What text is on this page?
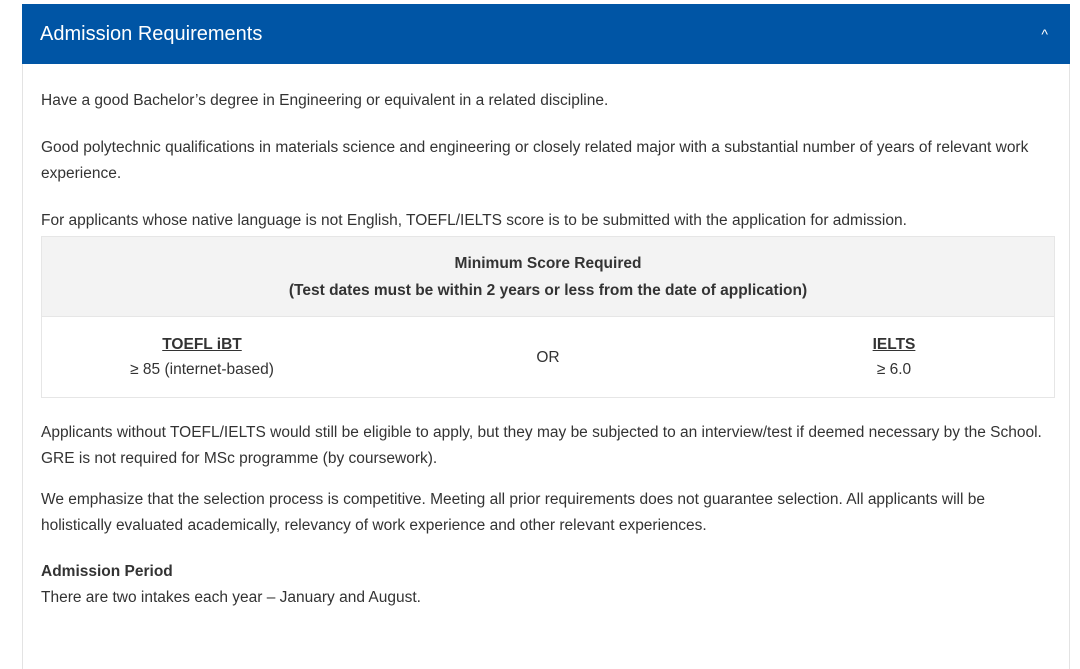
Admission Requirements	^

Have a good Bachelor’s degree in Engineering or equivalent in a related discipline.

Good polytechnic qualifications in materials science and engineering or closely related major with a substantial number of years of relevant work experience.

For applicants whose native language is not English, TOEFL/IELTS score is to be submitted with the application for admission.

Minimum Score Required
(Test dates must be within 2 years or less from the date of application)
TOEFL iBT
≥ 85 (internet-based)
OR
IELTS
≥ 6.0

Applicants without TOEFL/IELTS would still be eligible to apply, but they may be subjected to an interview/test if deemed necessary by the School. GRE is not required for MSc programme (by coursework).

We emphasize that the selection process is competitive. Meeting all prior requirements does not guarantee selection. All applicants will be holistically evaluated academically, relevancy of work experience and other relevant experiences.

Admission Period

There are two intakes each year – January and August.
